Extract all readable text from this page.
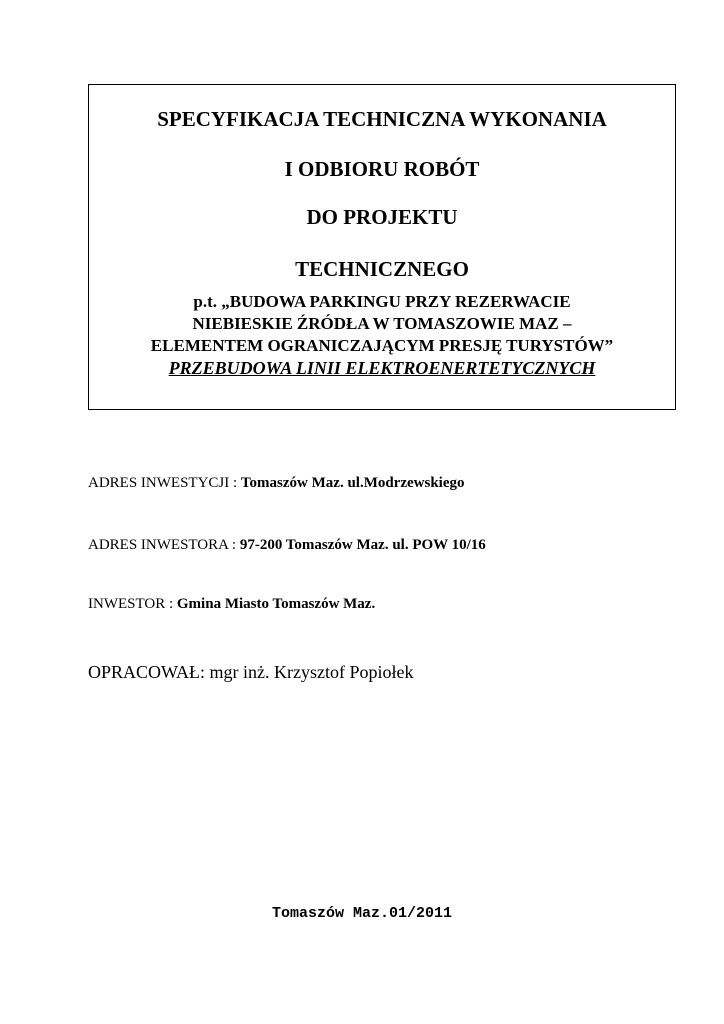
SPECYFIKACJA TECHNICZNA WYKONANIA
I ODBIORU ROBÓT
DO PROJEKTU
TECHNICZNEGO
p.t. „BUDOWA PARKINGU PRZY REZERWACIE
NIEBIESKIE ŹRÓDŁA W TOMASZOWIE MAZ –
ELEMENTEM OGRANICZAJĄCYM PRESJĘ TURYSTÓW”
PRZEBUDOWA LINII ELEKTROENERTETYCZNYCH
ADRES INWESTYCJI : Tomaszów Maz. ul.Modrzewskiego
ADRES INWESTORA : 97-200 Tomaszów Maz. ul. POW 10/16
INWESTOR : Gmina Miasto Tomaszów Maz.
OPRACOWAŁ: mgr inż. Krzysztof Popiołek
Tomaszów Maz.01/2011
